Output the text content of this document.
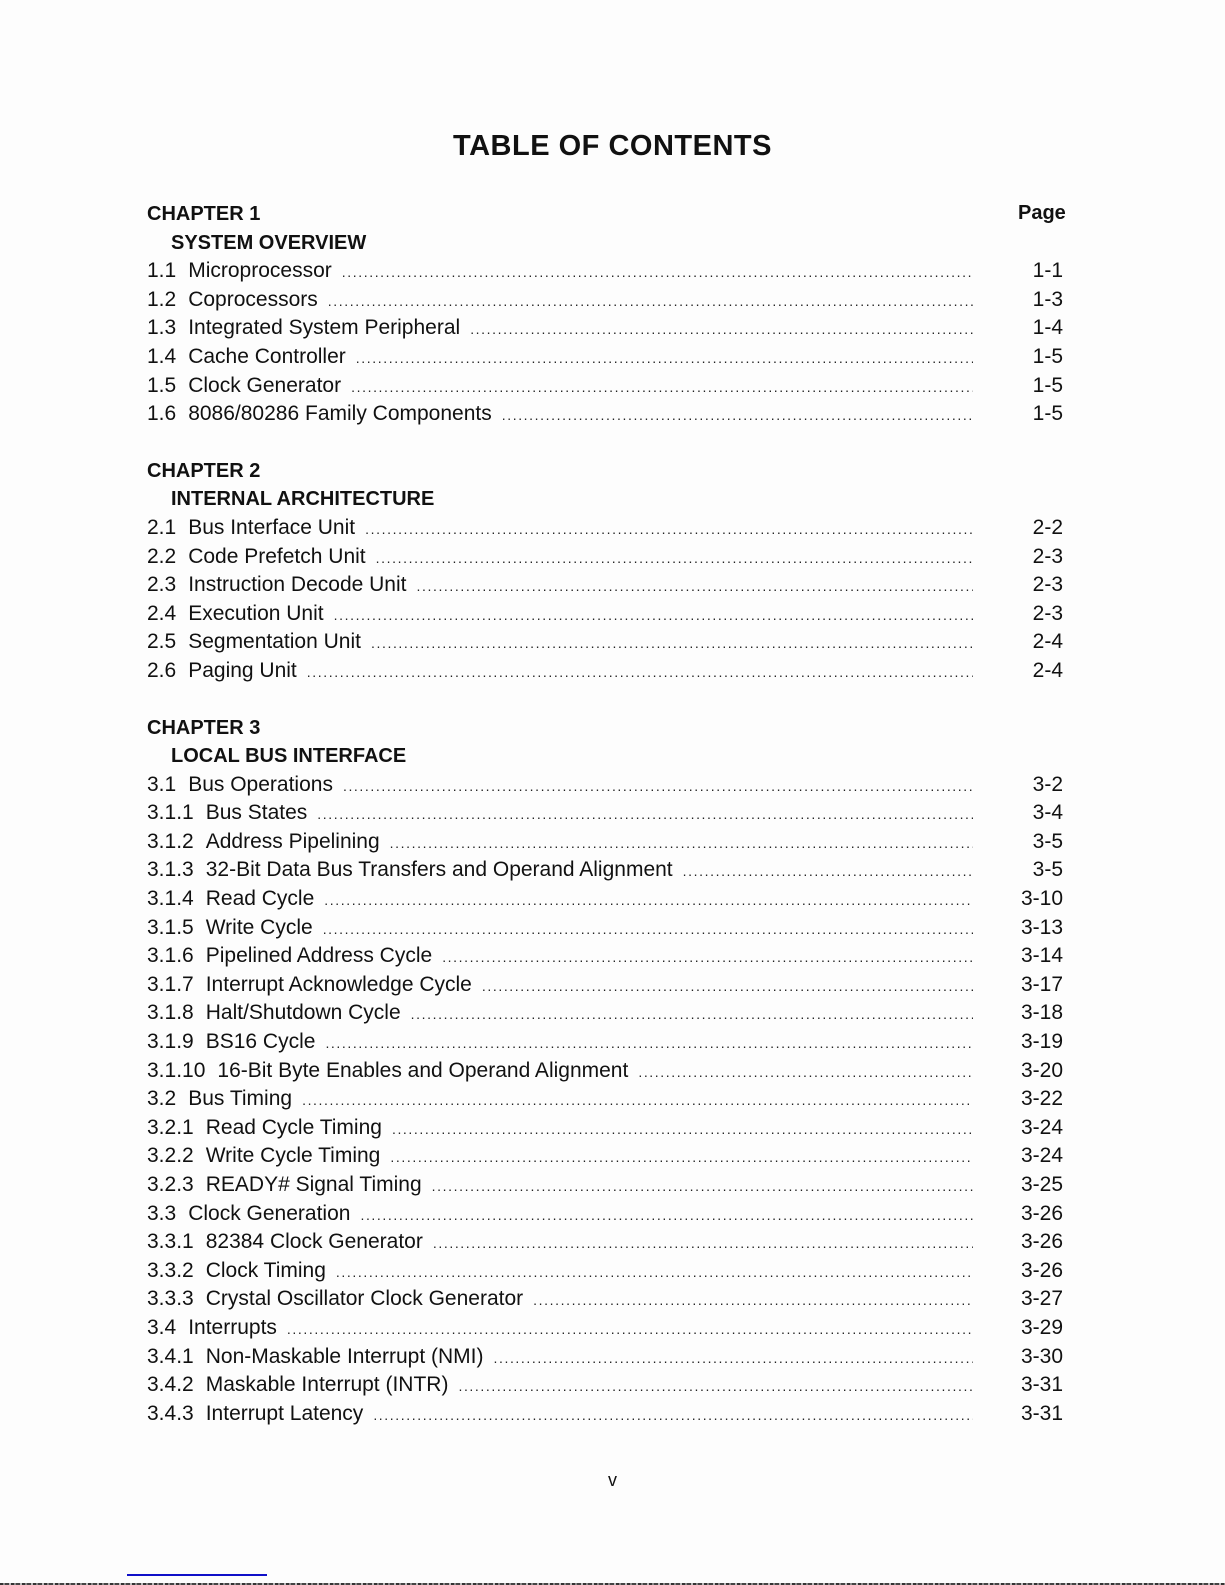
TABLE OF CONTENTS
Page
CHAPTER 1
SYSTEM OVERVIEW
1.1 Microprocessor .....	1-1
1.2 Coprocessors .....	1-3
1.3 Integrated System Peripheral .....	1-4
1.4 Cache Controller .....	1-5
1.5 Clock Generator .....	1-5
1.6 8086/80286 Family Components .....	1-5
CHAPTER 2
INTERNAL ARCHITECTURE
2.1 Bus Interface Unit .....	2-2
2.2 Code Prefetch Unit .....	2-3
2.3 Instruction Decode Unit .....	2-3
2.4 Execution Unit .....	2-3
2.5 Segmentation Unit .....	2-4
2.6 Paging Unit .....	2-4
CHAPTER 3
LOCAL BUS INTERFACE
3.1 Bus Operations .....	3-2
3.1.1 Bus States .....	3-4
3.1.2 Address Pipelining .....	3-5
3.1.3 32-Bit Data Bus Transfers and Operand Alignment .....	3-5
3.1.4 Read Cycle .....	3-10
3.1.5 Write Cycle .....	3-13
3.1.6 Pipelined Address Cycle .....	3-14
3.1.7 Interrupt Acknowledge Cycle .....	3-17
3.1.8 Halt/Shutdown Cycle .....	3-18
3.1.9 BS16 Cycle .....	3-19
3.1.10 16-Bit Byte Enables and Operand Alignment .....	3-20
3.2 Bus Timing .....	3-22
3.2.1 Read Cycle Timing .....	3-24
3.2.2 Write Cycle Timing .....	3-24
3.2.3 READY# Signal Timing .....	3-25
3.3 Clock Generation .....	3-26
3.3.1 82384 Clock Generator .....	3-26
3.3.2 Clock Timing .....	3-26
3.3.3 Crystal Oscillator Clock Generator .....	3-27
3.4 Interrupts .....	3-29
3.4.1 Non-Maskable Interrupt (NMI) .....	3-30
3.4.2 Maskable Interrupt (INTR) .....	3-31
3.4.3 Interrupt Latency .....	3-31
v
